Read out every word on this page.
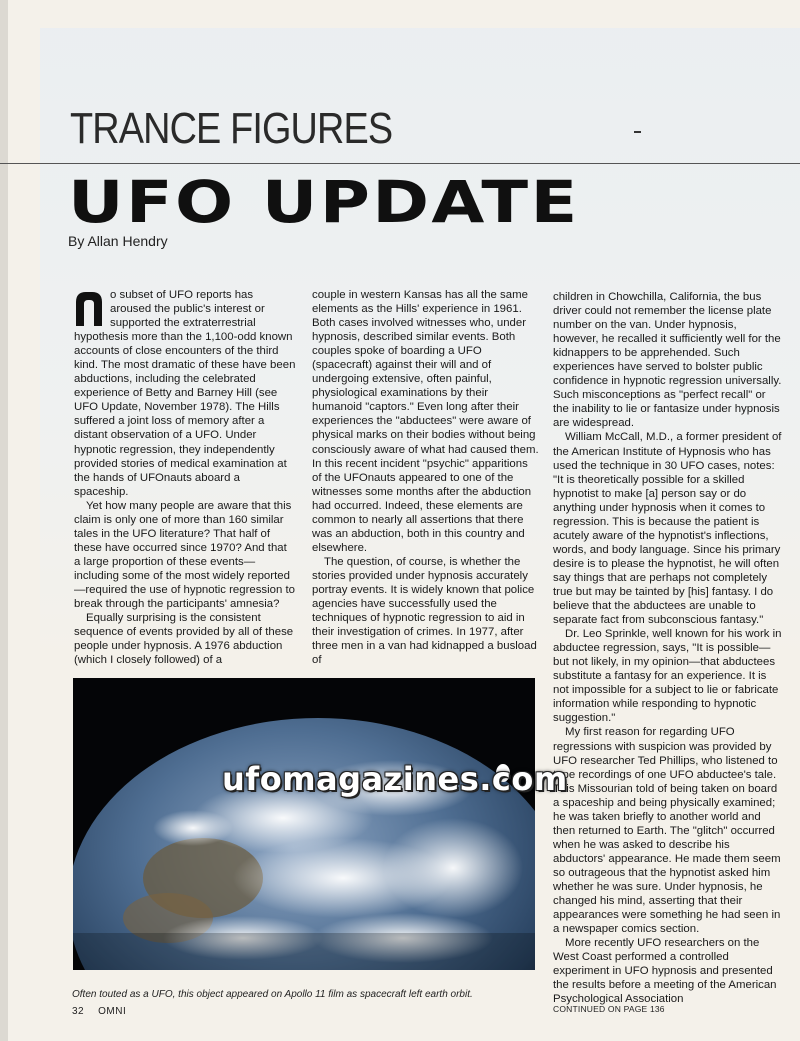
TRANCE FIGURES
UFO UPDATE
By Allan Hendry

o subset of UFO reports has aroused the public's interest or supported the extraterrestrial hypothesis more than the 1,100-odd known accounts of close encounters of the third kind. The most dramatic of these have been abductions, including the celebrated experience of Betty and Barney Hill (see UFO Update, November 1978). The Hills suffered a joint loss of memory after a distant observation of a UFO. Under hypnotic regression, they independently provided stories of medical examination at the hands of UFOnauts aboard a spaceship.

Yet how many people are aware that this claim is only one of more than 160 similar tales in the UFO literature? That half of these have occurred since 1970? And that a large proportion of these events—including some of the most widely reported—required the use of hypnotic regression to break through the participants' amnesia?

Equally surprising is the consistent sequence of events provided by all of these people under hypnosis. A 1976 abduction (which I closely followed) of a

couple in western Kansas has all the same elements as the Hills' experience in 1961. Both cases involved witnesses who, under hypnosis, described similar events. Both couples spoke of boarding a UFO (spacecraft) against their will and of undergoing extensive, often painful, physiological examinations by their humanoid "captors." Even long after their experiences the "abductees" were aware of physical marks on their bodies without being consciously aware of what had caused them. In this recent incident "psychic" apparitions of the UFOnauts appeared to one of the witnesses some months after the abduction had occurred. Indeed, these elements are common to nearly all assertions that there was an abduction, both in this country and elsewhere.

The question, of course, is whether the stories provided under hypnosis accurately portray events. It is widely known that police agencies have successfully used the techniques of hypnotic regression to aid in their investigation of crimes. In 1977, after three men in a van had kidnapped a busload of

children in Chowchilla, California, the bus driver could not remember the license plate number on the van. Under hypnosis, however, he recalled it sufficiently well for the kidnappers to be apprehended. Such experiences have served to bolster public confidence in hypnotic regression universally. Such misconceptions as "perfect recall" or the inability to lie or fantasize under hypnosis are widespread.

William McCall, M.D., a former president of the American Institute of Hypnosis who has used the technique in 30 UFO cases, notes: "It is theoretically possible for a skilled hypnotist to make [a] person say or do anything under hypnosis when it comes to regression. This is because the patient is acutely aware of the hypnotist's inflections, words, and body language. Since his primary desire is to please the hypnotist, he will often say things that are perhaps not completely true but may be tainted by [his] fantasy. I do believe that the abductees are unable to separate fact from subconscious fantasy."

Dr. Leo Sprinkle, well known for his work in abductee regression, says, "It is possible—but not likely, in my opinion—that abductees substitute a fantasy for an experience. It is not impossible for a subject to lie or fabricate information while responding to hypnotic suggestion."

My first reason for regarding UFO regressions with suspicion was provided by UFO researcher Ted Phillips, who listened to tape recordings of one UFO abductee's tale. This Missourian told of being taken on board a spaceship and being physically examined; he was taken briefly to another world and then returned to Earth. The "glitch" occurred when he was asked to describe his abductors' appearance. He made them seem so outrageous that the hypnotist asked him whether he was sure. Under hypnosis, he changed his mind, asserting that their appearances were something he had seen in a newspaper comics section.

More recently UFO researchers on the West Coast performed a controlled experiment in UFO hypnosis and presented the results before a meeting of the American Psychological Association

ufomagazines.com
Often touted as a UFO, this object appeared on Apollo 11 film as spacecraft left earth orbit.
32 OMNI	CONTINUED ON PAGE 136
